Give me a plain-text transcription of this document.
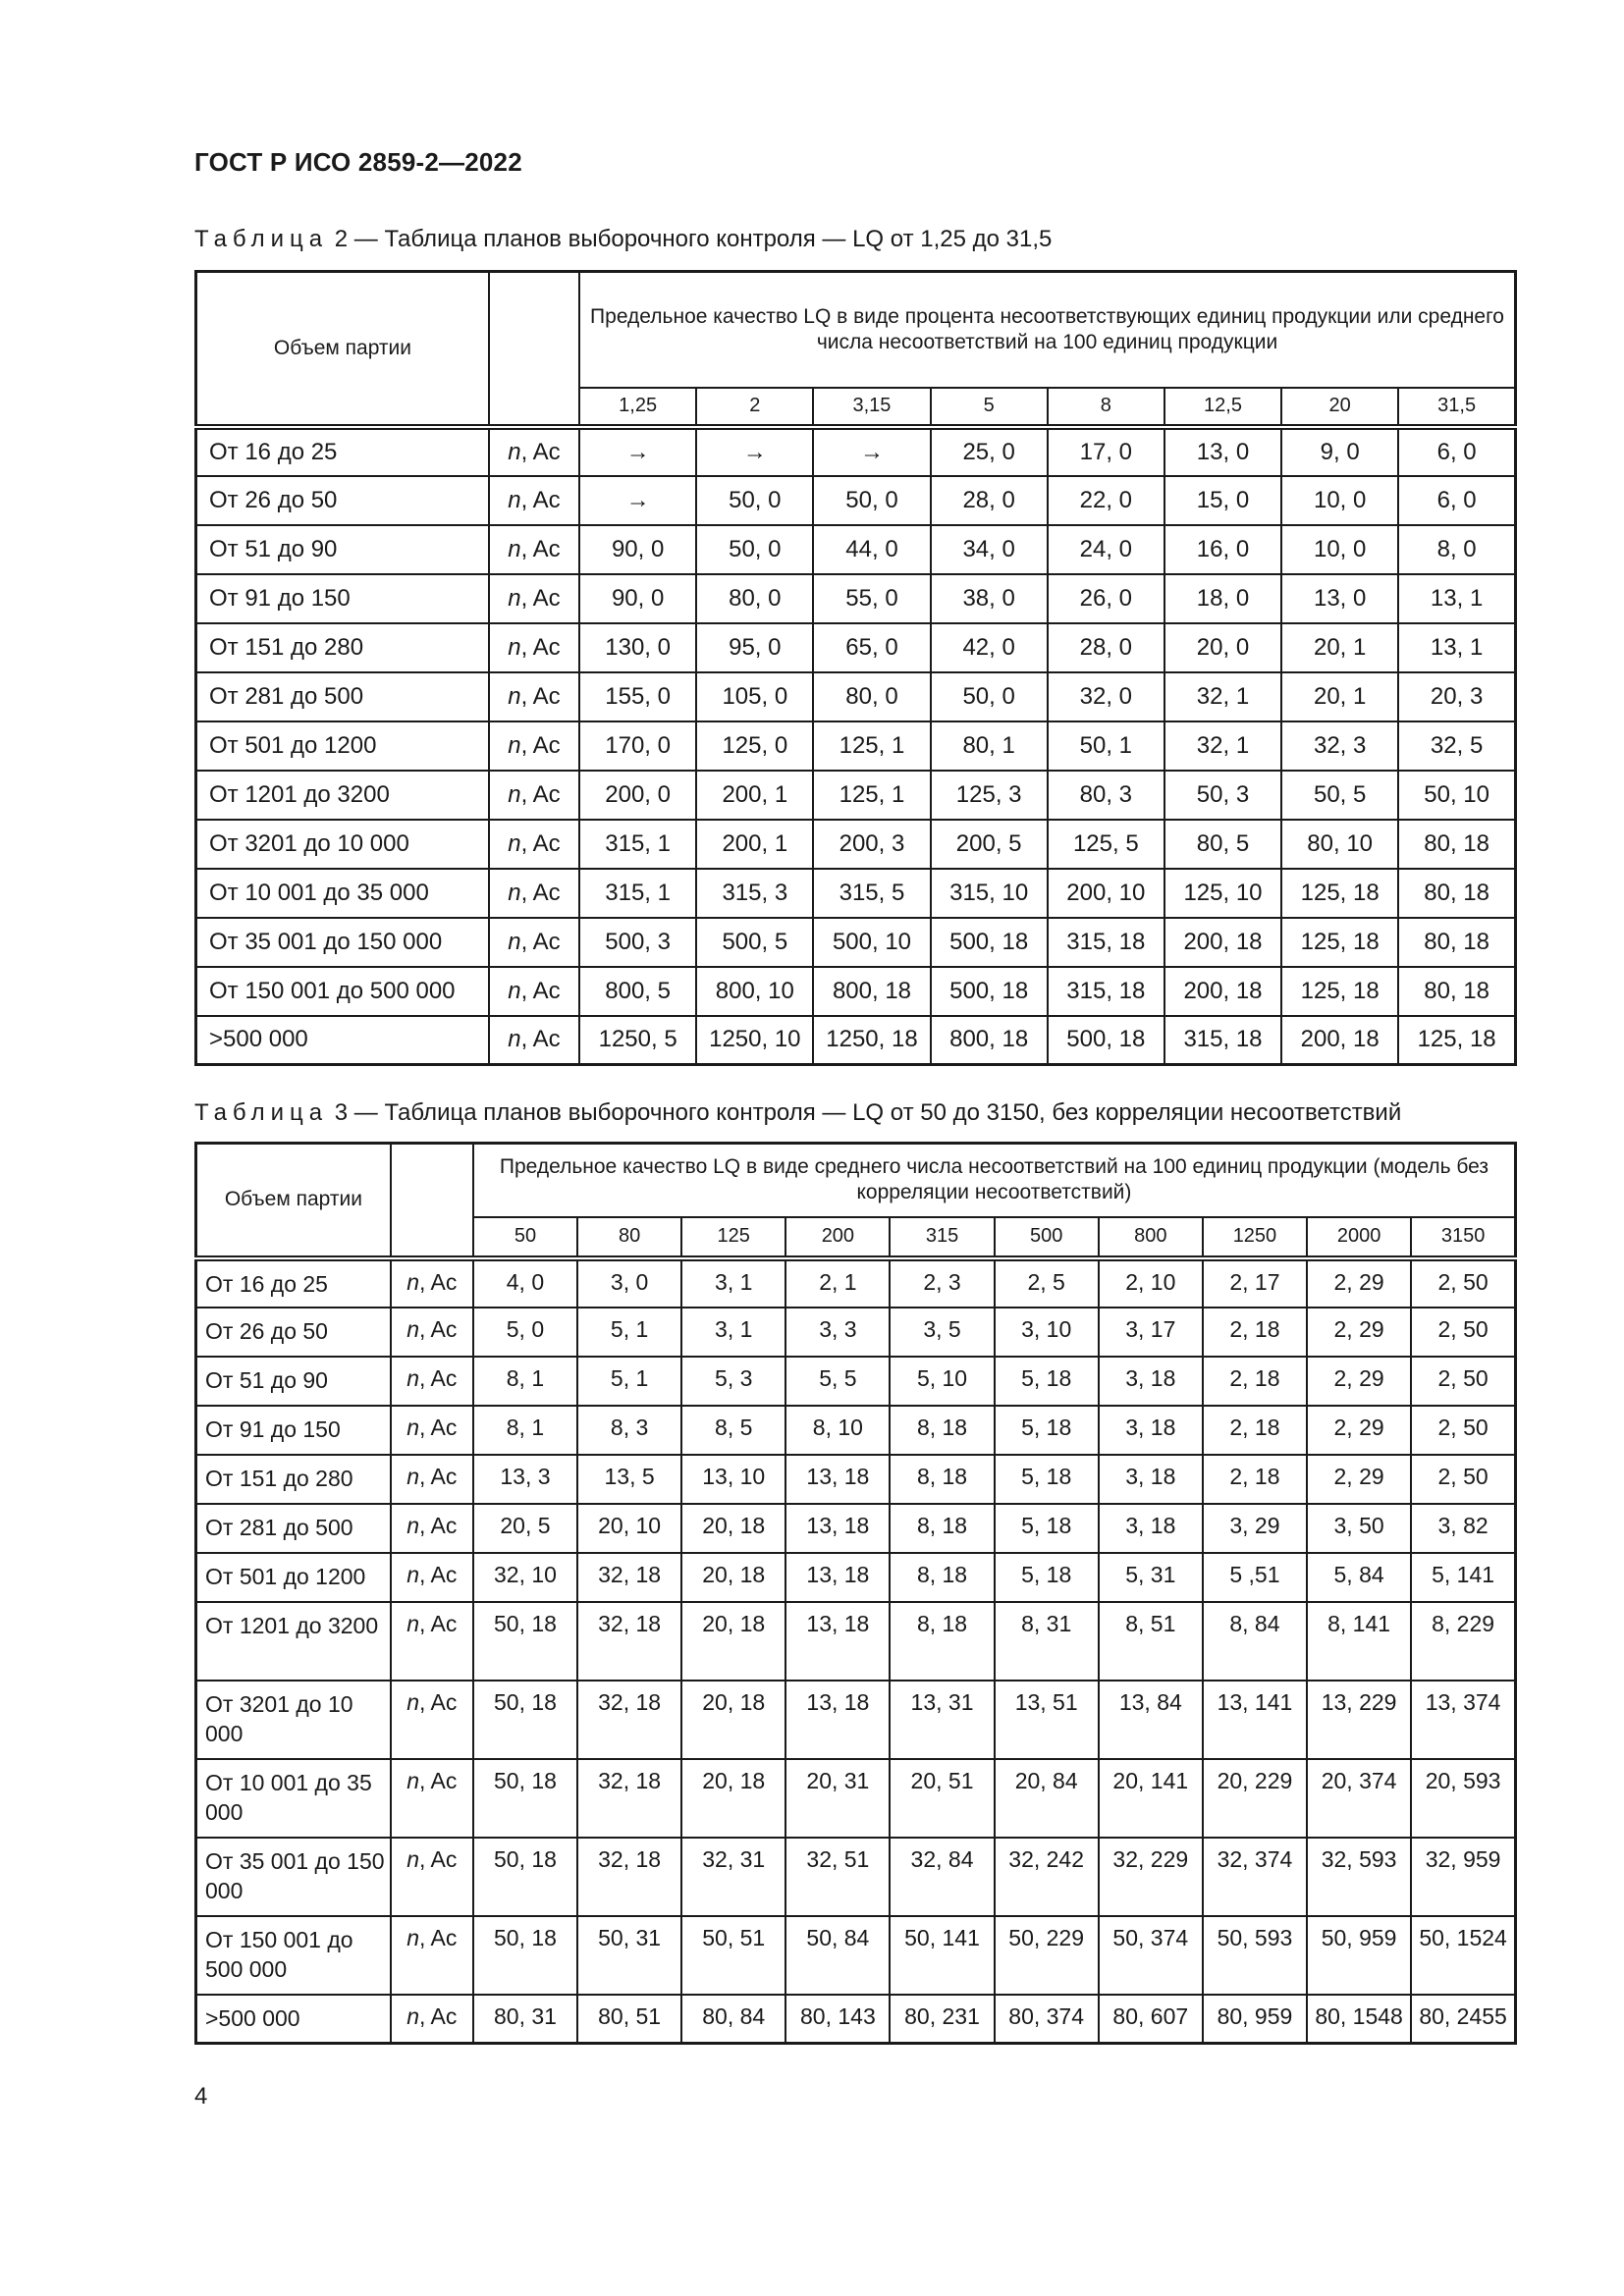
ГОСТ Р ИСО 2859-2—2022
Таблица 2 — Таблица планов выборочного контроля — LQ от 1,25 до 31,5
Объем партии		Предельное качество LQ в виде процента несоответствующих единиц продукции или среднего числа несоответствий на 100 единиц продукции							
		1,25	2	3,15	5	8	12,5	20	31,5
От 16 до 25	n, Ac	→	→	→	25, 0	17, 0	13, 0	9, 0	6, 0
От 26 до 50	n, Ac	→	50, 0	50, 0	28, 0	22, 0	15, 0	10, 0	6, 0
От 51 до 90	n, Ac	90, 0	50, 0	44, 0	34, 0	24, 0	16, 0	10, 0	8, 0
От 91 до 150	n, Ac	90, 0	80, 0	55, 0	38, 0	26, 0	18, 0	13, 0	13, 1
От 151 до 280	n, Ac	130, 0	95, 0	65, 0	42, 0	28, 0	20, 0	20, 1	13, 1
От 281 до 500	n, Ac	155, 0	105, 0	80, 0	50, 0	32, 0	32, 1	20, 1	20, 3
От 501 до 1200	n, Ac	170, 0	125, 0	125, 1	80, 1	50, 1	32, 1	32, 3	32, 5
От 1201 до 3200	n, Ac	200, 0	200, 1	125, 1	125, 3	80, 3	50, 3	50, 5	50, 10
От 3201 до 10 000	n, Ac	315, 1	200, 1	200, 3	200, 5	125, 5	80, 5	80, 10	80, 18
От 10 001 до 35 000	n, Ac	315, 1	315, 3	315, 5	315, 10	200, 10	125, 10	125, 18	80, 18
От 35 001 до 150 000	n, Ac	500, 3	500, 5	500, 10	500, 18	315, 18	200, 18	125, 18	80, 18
От 150 001 до 500 000	n, Ac	800, 5	800, 10	800, 18	500, 18	315, 18	200, 18	125, 18	80, 18
>500 000	n, Ac	1250, 5	1250, 10	1250, 18	800, 18	500, 18	315, 18	200, 18	125, 18
Таблица 3 — Таблица планов выборочного контроля — LQ от 50 до 3150, без корреляции несоответствий
Объем партии		Предельное качество LQ в виде среднего числа несоответствий на 100 единиц продукции (модель без корреляции несоответствий)									
		50	80	125	200	315	500	800	1250	2000	3150
От 16 до 25	n, Ac	4, 0	3, 0	3, 1	2, 1	2, 3	2, 5	2, 10	2, 17	2, 29	2, 50
От 26 до 50	n, Ac	5, 0	5, 1	3, 1	3, 3	3, 5	3, 10	3, 17	2, 18	2, 29	2, 50
От 51 до 90	n, Ac	8, 1	5, 1	5, 3	5, 5	5, 10	5, 18	3, 18	2, 18	2, 29	2, 50
От 91 до 150	n, Ac	8, 1	8, 3	8, 5	8, 10	8, 18	5, 18	3, 18	2, 18	2, 29	2, 50
От 151 до 280	n, Ac	13, 3	13, 5	13, 10	13, 18	8, 18	5, 18	3, 18	2, 18	2, 29	2, 50
От 281 до 500	n, Ac	20, 5	20, 10	20, 18	13, 18	8, 18	5, 18	3, 18	3, 29	3, 50	3, 82
От 501 до 1200	n, Ac	32, 10	32, 18	20, 18	13, 18	8, 18	5, 18	5, 31	5 ,51	5, 84	5, 141
От 1201 до 3200	n, Ac	50, 18	32, 18	20, 18	13, 18	8, 18	8, 31	8, 51	8, 84	8, 141	8, 229
От 3201 до 10 000	n, Ac	50, 18	32, 18	20, 18	13, 18	13, 31	13, 51	13, 84	13, 141	13, 229	13, 374
От 10 001 до 35 000	n, Ac	50, 18	32, 18	20, 18	20, 31	20, 51	20, 84	20, 141	20, 229	20, 374	20, 593
От 35 001 до 150 000	n, Ac	50, 18	32, 18	32, 31	32, 51	32, 84	32, 242	32, 229	32, 374	32, 593	32, 959
От 150 001 до 500 000	n, Ac	50, 18	50, 31	50, 51	50, 84	50, 141	50, 229	50, 374	50, 593	50, 959	50, 1524
>500 000	n, Ac	80, 31	80, 51	80, 84	80, 143	80, 231	80, 374	80, 607	80, 959	80, 1548	80, 2455
4
